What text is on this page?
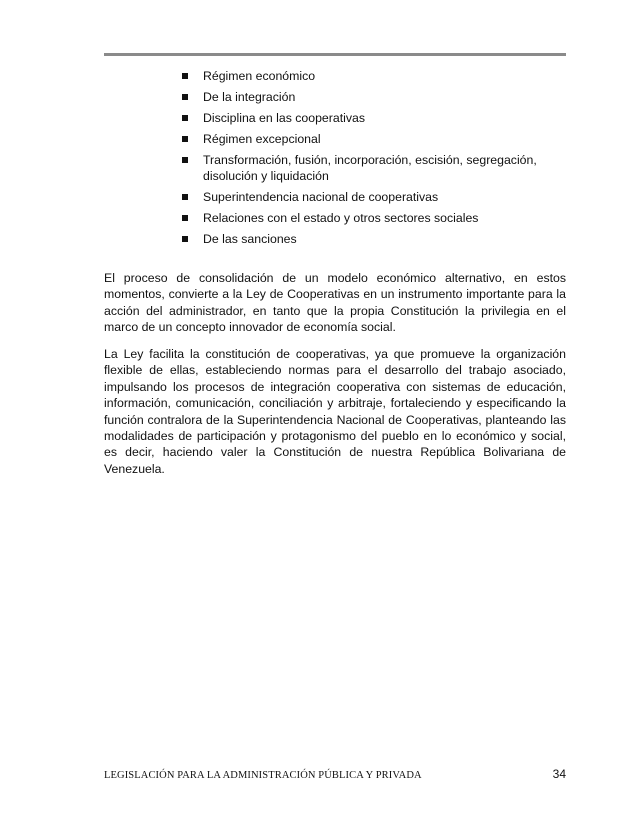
Régimen económico
De la integración
Disciplina en las cooperativas
Régimen excepcional
Transformación, fusión, incorporación, escisión, segregación, disolución y liquidación
Superintendencia nacional de cooperativas
Relaciones con el estado y otros sectores sociales
De las sanciones

El proceso de consolidación de un modelo económico alternativo, en estos momentos, convierte a la Ley de Cooperativas en un instrumento importante para la acción del administrador, en tanto que la propia Constitución la privilegia en el marco de un concepto innovador de economía social.

La Ley facilita la constitución de cooperativas, ya que promueve la organización flexible de ellas, estableciendo normas para el desarrollo del trabajo asociado, impulsando los procesos de integración cooperativa con sistemas de educación, información, comunicación, conciliación y arbitraje, fortaleciendo y especificando la función contralora de la Superintendencia Nacional de Cooperativas, planteando las modalidades de participación y protagonismo del pueblo en lo económico y social, es decir, haciendo valer la Constitución de nuestra República Bolivariana de Venezuela.

LEGISLACIÓN PARA LA ADMINISTRACIÓN PÚBLICA Y PRIVADA	34
